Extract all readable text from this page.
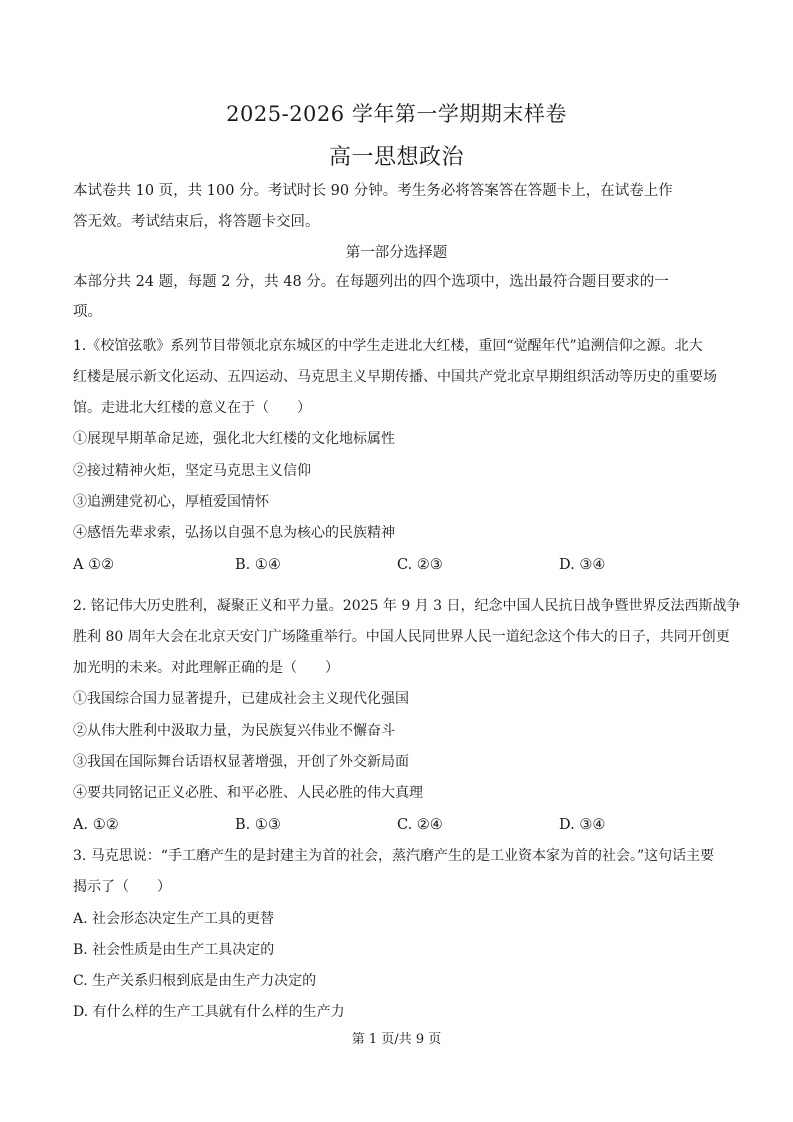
2025-2026 学年第一学期期末样卷
高一思想政治
本试卷共 10 页，共 100 分。考试时长 90 分钟。考生务必将答案答在答题卡上，在试卷上作
答无效。考试结束后，将答题卡交回。
第一部分选择题
本部分共 24 题，每题 2 分，共 48 分。在每题列出的四个选项中，选出最符合题目要求的一
项。
1.《校馆弦歌》系列节目带领北京东城区的中学生走进北大红楼，重回“觉醒年代”追溯信仰之源。北大
红楼是展示新文化运动、五四运动、马克思主义早期传播、中国共产党北京早期组织活动等历史的重要场
馆。走进北大红楼的意义在于（　　）
①展现早期革命足迹，强化北大红楼的文化地标属性
②接过精神火炬，坚定马克思主义信仰
③追溯建党初心，厚植爱国情怀
④感悟先辈求索，弘扬以自强不息为核心的民族精神
A ①②	B. ①④	C. ②③	D. ③④
2. 铭记伟大历史胜利，凝聚正义和平力量。2025 年 9 月 3 日，纪念中国人民抗日战争暨世界反法西斯战争
胜利 80 周年大会在北京天安门广场隆重举行。中国人民同世界人民一道纪念这个伟大的日子，共同开创更
加光明的未来。对此理解正确的是（　　）
①我国综合国力显著提升，已建成社会主义现代化强国
②从伟大胜利中汲取力量，为民族复兴伟业不懈奋斗
③我国在国际舞台话语权显著增强，开创了外交新局面
④要共同铭记正义必胜、和平必胜、人民必胜的伟大真理
A. ①②	B. ①③	C. ②④	D. ③④
3. 马克思说：“手工磨产生的是封建主为首的社会，蒸汽磨产生的是工业资本家为首的社会。”这句话主要
揭示了（　　）
A. 社会形态决定生产工具的更替
B. 社会性质是由生产工具决定的
C. 生产关系归根到底是由生产力决定的
D. 有什么样的生产工具就有什么样的生产力
第 1 页/共 9 页
